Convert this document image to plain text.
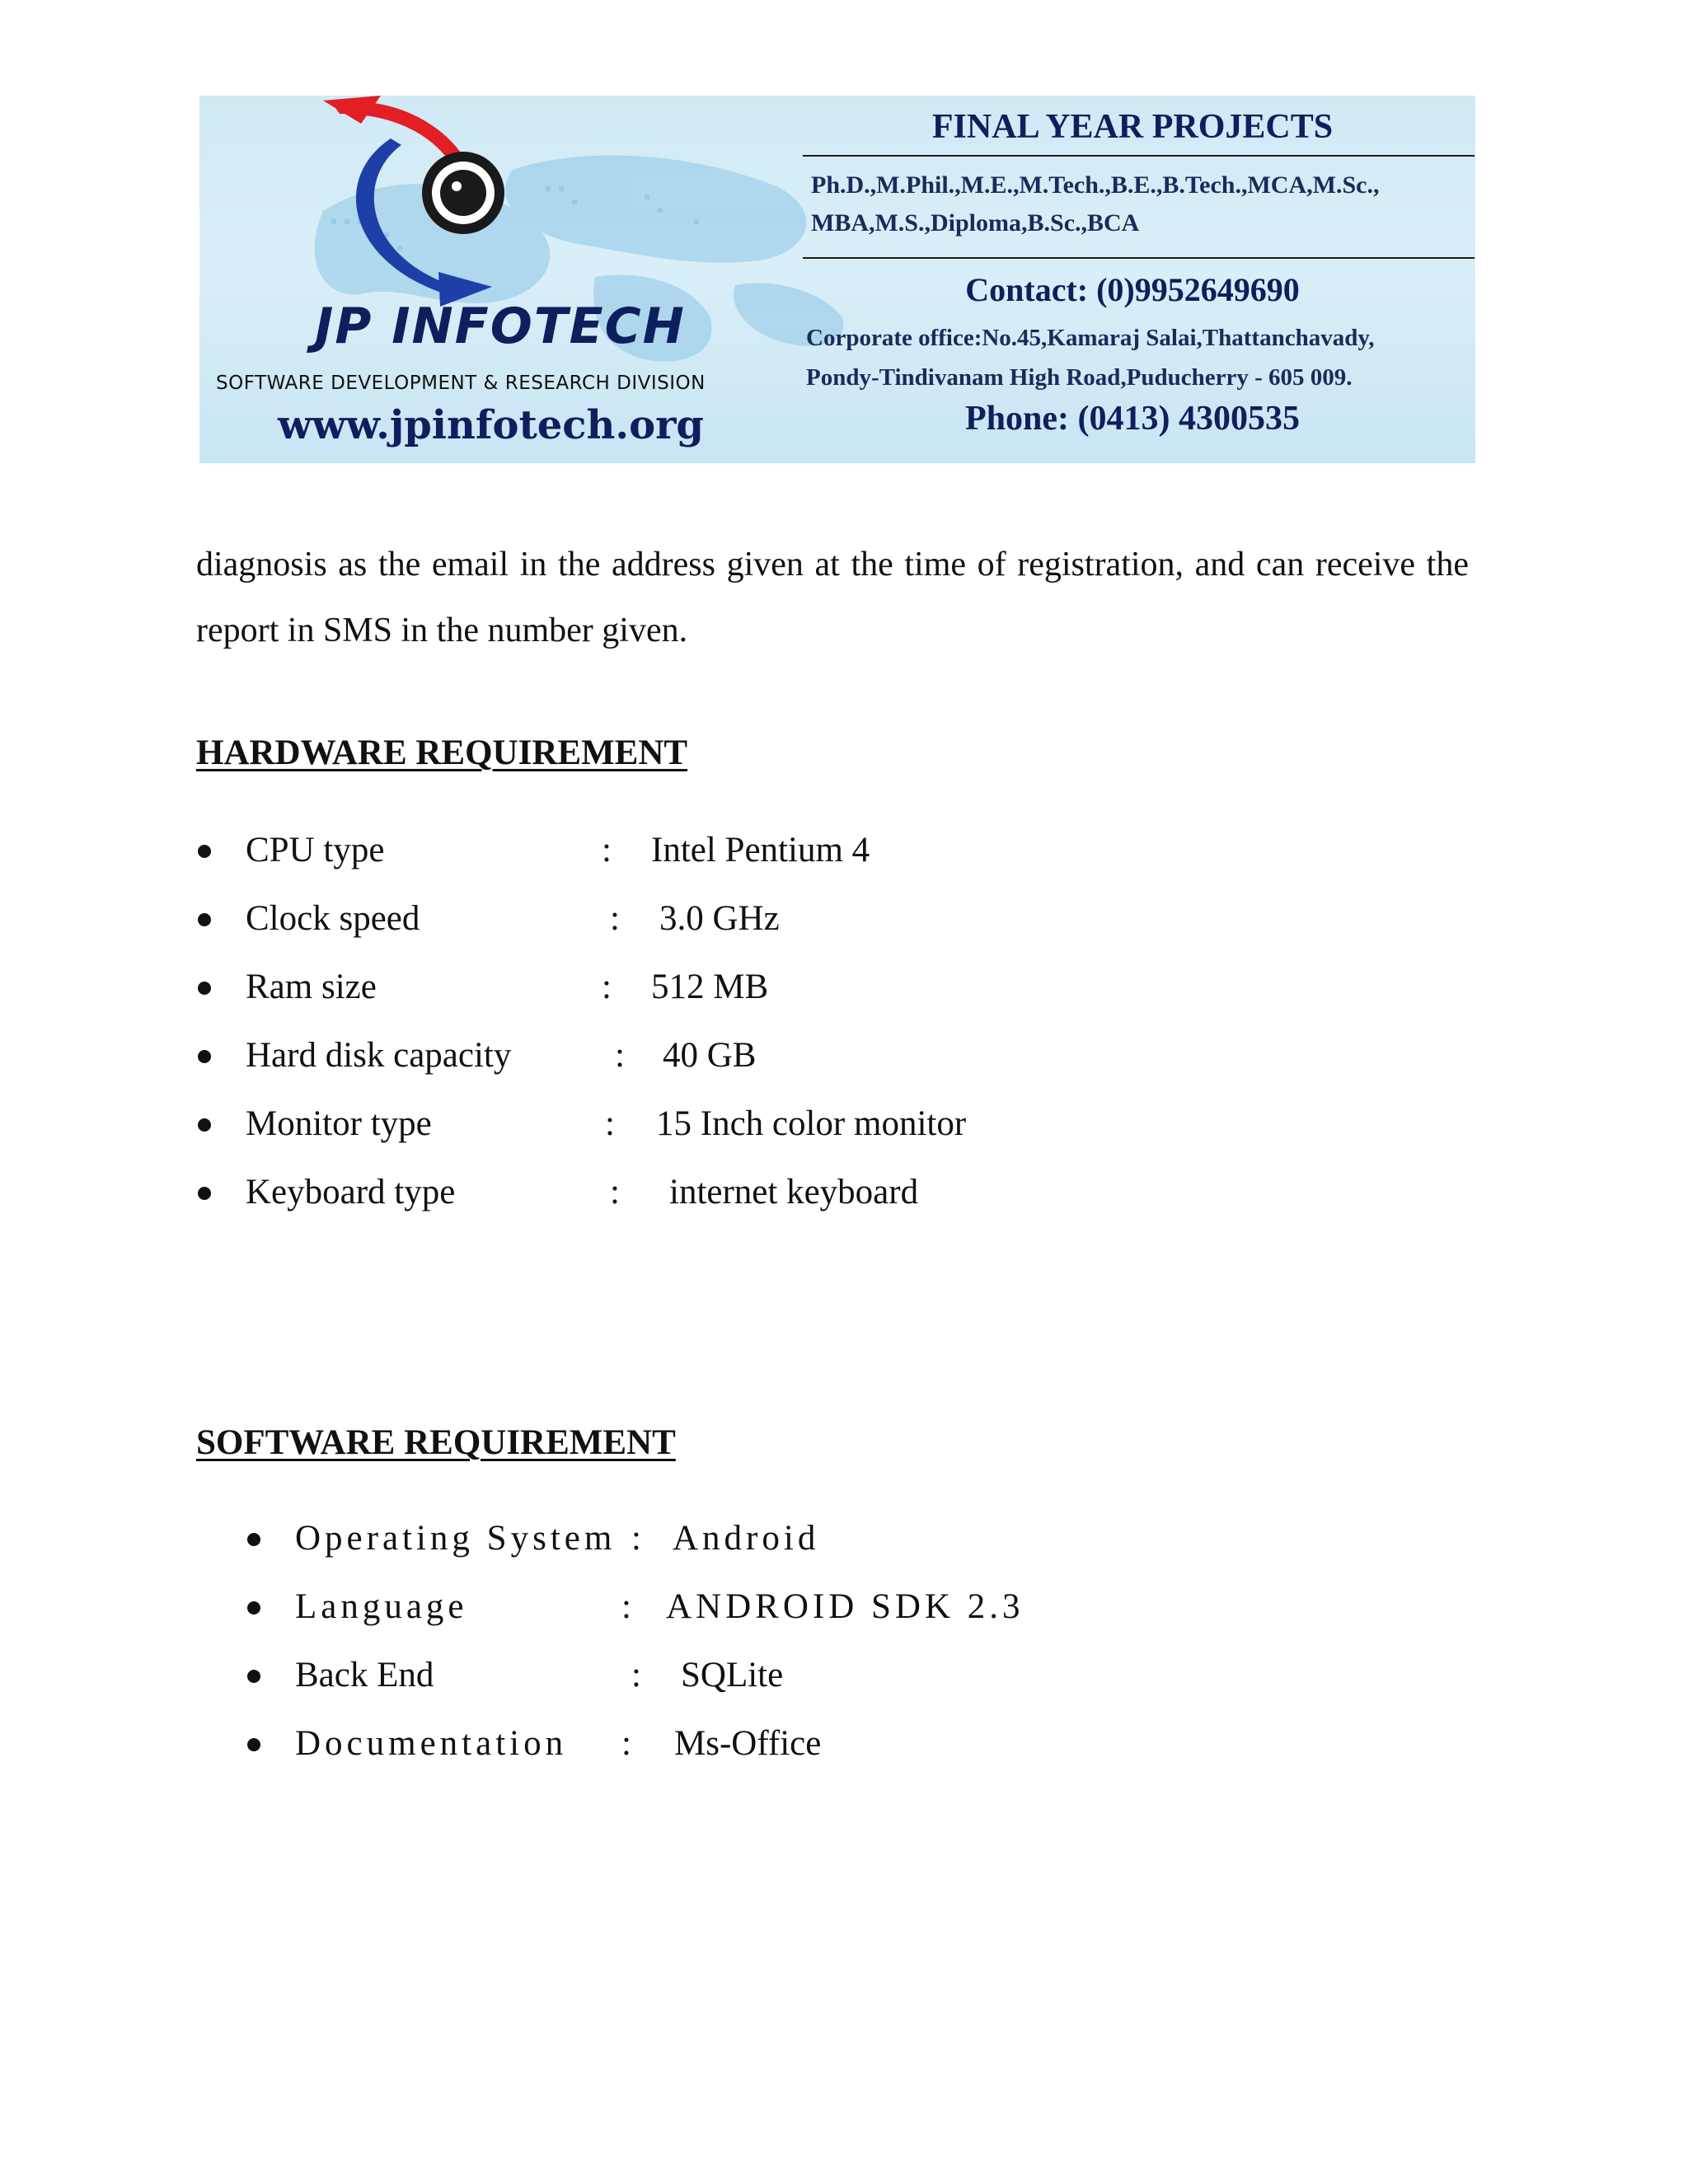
JP INFOTECH
SOFTWARE DEVELOPMENT & RESEARCH DIVISION
www.jpinfotech.org
FINAL YEAR PROJECTS
Ph.D.,M.Phil.,M.E.,M.Tech.,B.E.,B.Tech.,MCA,M.Sc.,
MBA,M.S.,Diploma,B.Sc.,BCA
Contact: (0)9952649690
Corporate office:No.45,Kamaraj Salai,Thattanchavady,
Pondy-Tindivanam High Road,Puducherry - 605 009.
Phone: (0413) 4300535

diagnosis as the email in the address given at the time of registration, and can receive the report in SMS in the number given.

HARDWARE REQUIREMENT
CPU type	: Intel Pentium 4
Clock speed	: 3.0 GHz
Ram size	: 512 MB
Hard disk capacity	: 40 GB
Monitor type	: 15 Inch color monitor
Keyboard type	: internet keyboard
SOFTWARE REQUIREMENT
Operating System : Android
Language	: ANDROID SDK 2.3
Back End	: SQLite
Documentation : Ms-Office
